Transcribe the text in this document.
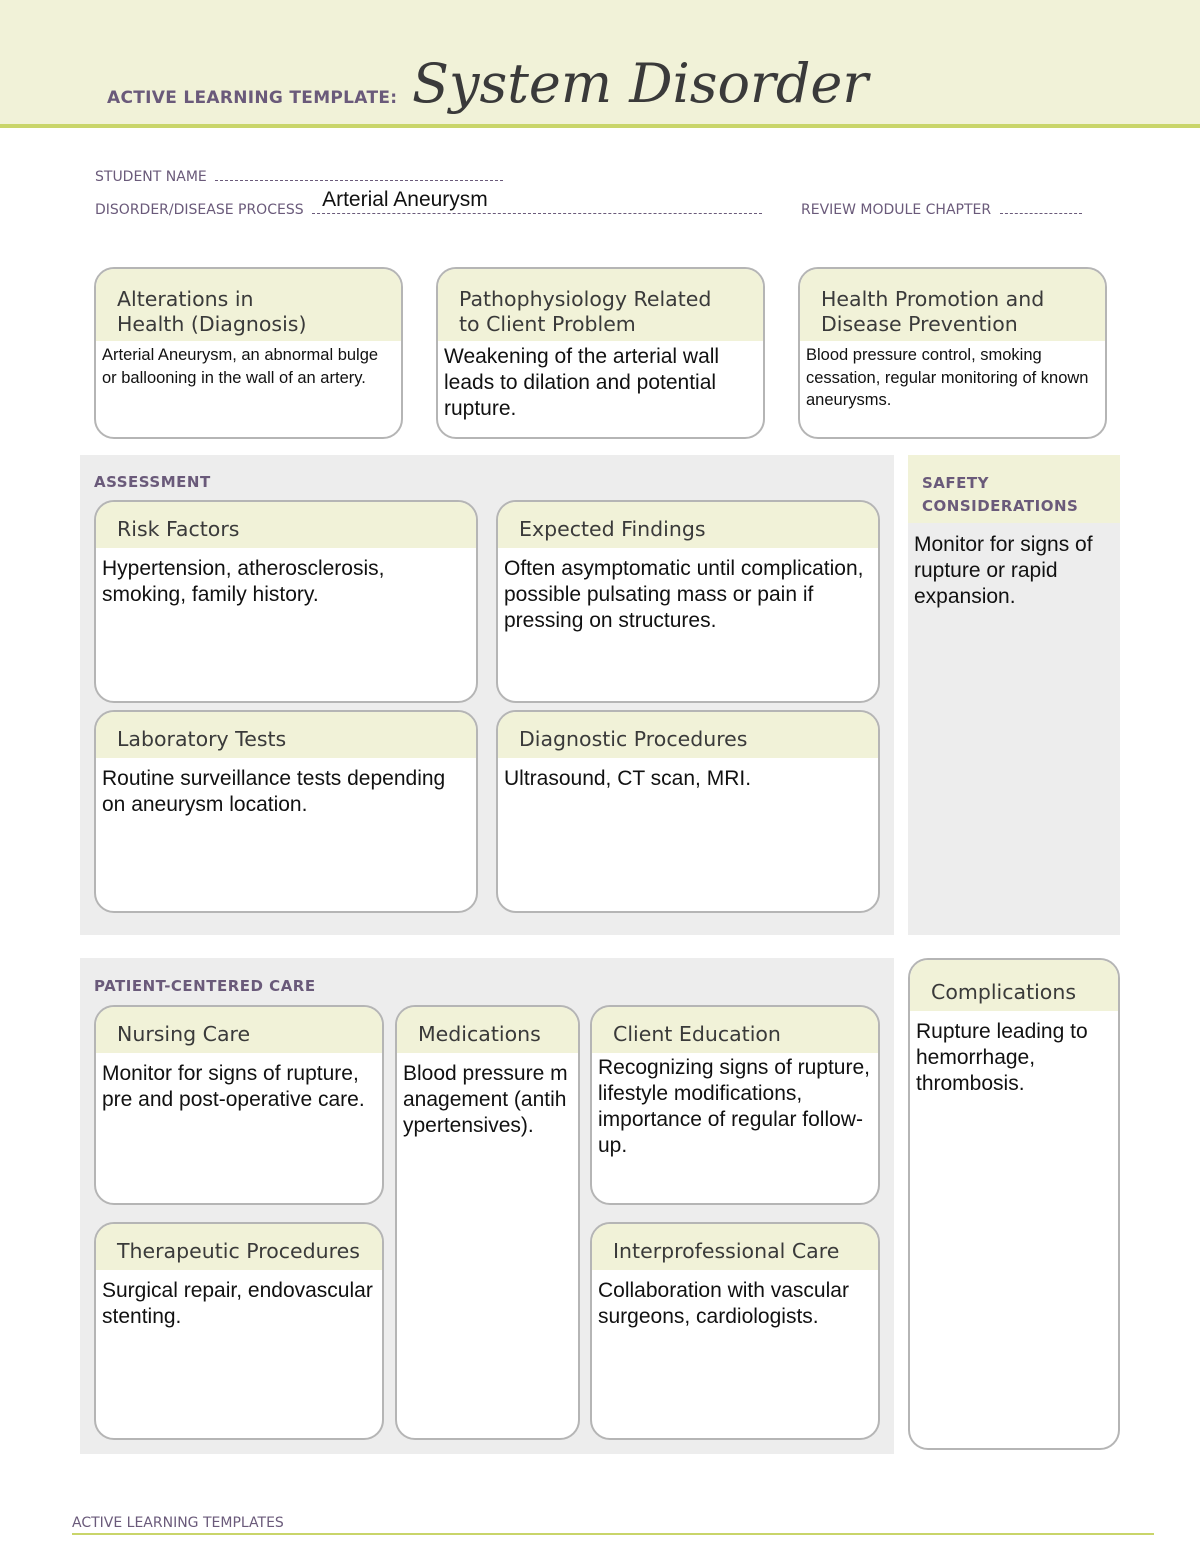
ACTIVE LEARNING TEMPLATE: System Disorder
STUDENT NAME
DISORDER/DISEASE PROCESS Arterial Aneurysm	REVIEW MODULE CHAPTER
Alterations in
Health (Diagnosis)
Arterial Aneurysm, an abnormal bulge or ballooning in the wall of an artery.
Pathophysiology Related
to Client Problem
Weakening of the arterial wall leads to dilation and potential rupture.
Health Promotion and
Disease Prevention
Blood pressure control, smoking cessation, regular monitoring of known aneurysms.
ASSESSMENT
Risk Factors
Hypertension, atherosclerosis, smoking, family history.
Expected Findings
Often asymptomatic until complication, possible pulsating mass or pain if pressing on structures.
Laboratory Tests
Routine surveillance tests depending on aneurysm location.
Diagnostic Procedures
Ultrasound, CT scan, MRI.
SAFETY
CONSIDERATIONS
Monitor for signs of rupture or rapid expansion.
PATIENT-CENTERED CARE
Nursing Care
Monitor for signs of rupture, pre and post-operative care.
Medications
Blood pressure management (antihypertensives).
Client Education
Recognizing signs of rupture, lifestyle modifications, importance of regular follow-up.
Therapeutic Procedures
Surgical repair, endovascular stenting.
Interprofessional Care
Collaboration with vascular surgeons, cardiologists.
Complications
Rupture leading to hemorrhage, thrombosis.
ACTIVE LEARNING TEMPLATES
